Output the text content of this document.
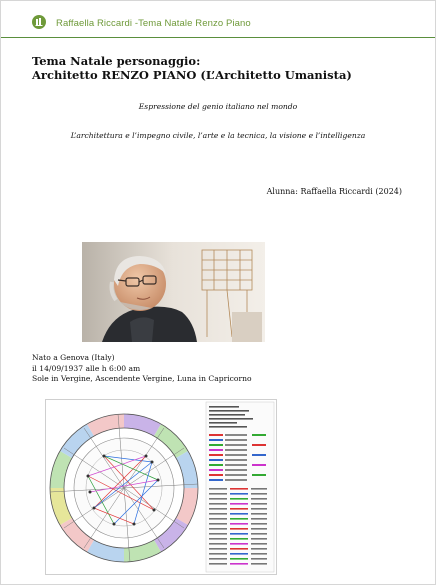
Raffaella Riccardi -Tema Natale Renzo Piano
Tema Natale personaggio:
Architetto RENZO PIANO (L’Architetto Umanista)
Espressione del genio italiano nel mondo
L’architettura e l’impegno civile, l’arte e la tecnica, la visione e l’intelligenza
Alunna: Raffaella Riccardi (2024)
Nato a Genova (Italy)
il 14/09/1937 alle h 6:00 am
Sole in Vergine, Ascendente Vergine, Luna in Capricorno
